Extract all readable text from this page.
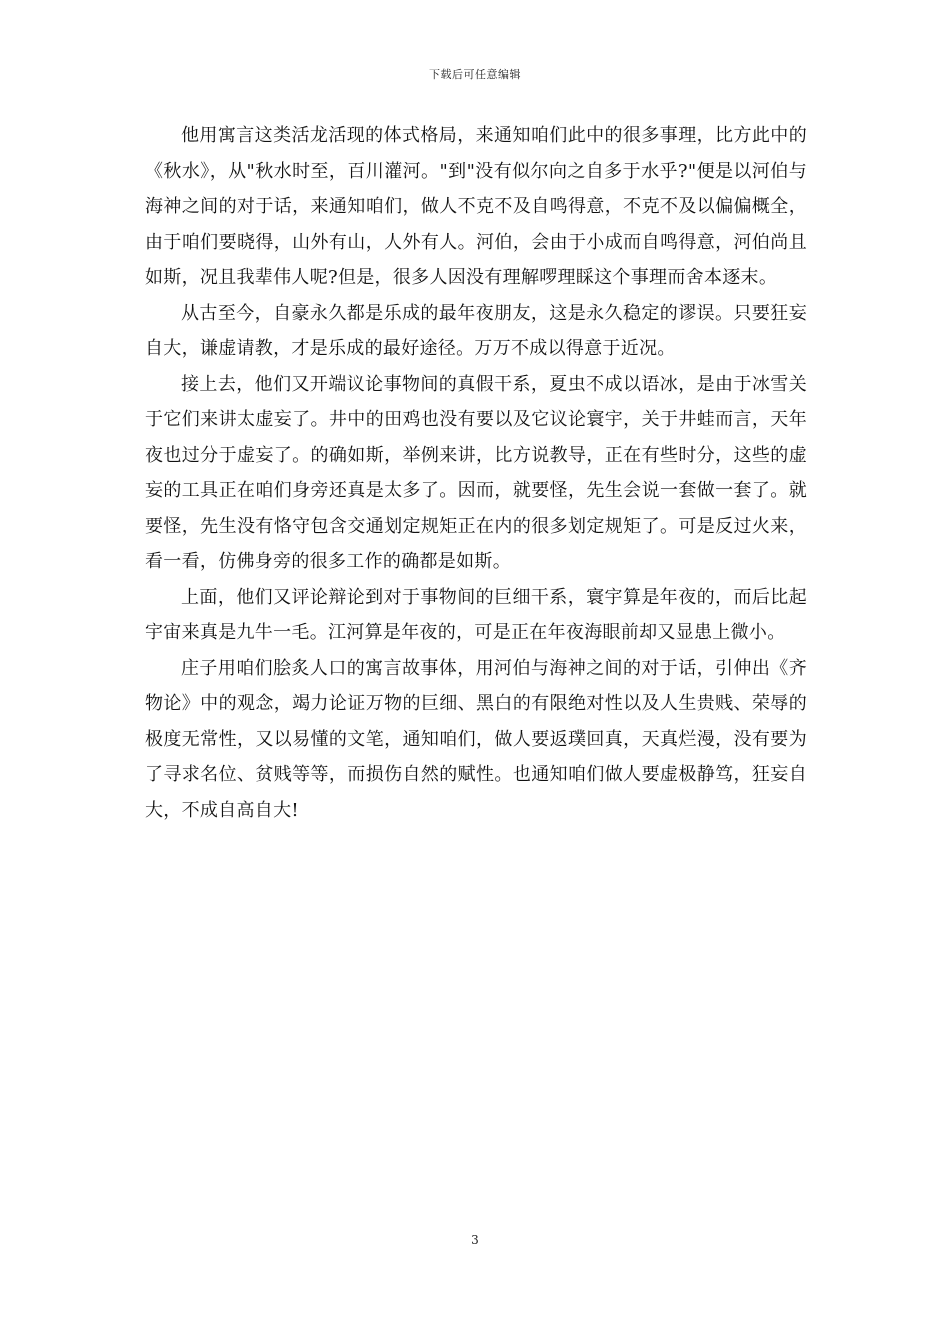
下载后可任意编辑

他用寓言这类活龙活现的体式格局，来通知咱们此中的很多事理，比方此中的《秋水》，从"秋水时至，百川灌河。"到"没有似尔向之自多于水乎?"便是以河伯与海神之间的对于话，来通知咱们，做人不克不及自鸣得意，不克不及以偏偏概全，由于咱们要晓得，山外有山，人外有人。河伯，会由于小成而自鸣得意，河伯尚且如斯，况且我辈伟人呢?但是，很多人因没有理解啰理睬这个事理而舍本逐末。

从古至今，自豪永久都是乐成的最年夜朋友，这是永久稳定的谬误。只要狂妄自大，谦虚请教，才是乐成的最好途径。万万不成以得意于近况。

接上去，他们又开端议论事物间的真假干系，夏虫不成以语冰，是由于冰雪关于它们来讲太虚妄了。井中的田鸡也没有要以及它议论寰宇，关于井蛙而言，天年夜也过分于虚妄了。的确如斯，举例来讲，比方说教导，正在有些时分，这些的虚妄的工具正在咱们身旁还真是太多了。因而，就要怪，先生会说一套做一套了。就要怪，先生没有恪守包含交通划定规矩正在内的很多划定规矩了。可是反过火来，看一看，仿佛身旁的很多工作的确都是如斯。

上面，他们又评论辩论到对于事物间的巨细干系，寰宇算是年夜的，而后比起宇宙来真是九牛一毛。江河算是年夜的，可是正在年夜海眼前却又显患上微小。

庄子用咱们脍炙人口的寓言故事体，用河伯与海神之间的对于话，引伸出《齐物论》中的观念，竭力论证万物的巨细、黑白的有限绝对性以及人生贵贱、荣辱的极度无常性，又以易懂的文笔，通知咱们，做人要返璞回真，天真烂漫，没有要为了寻求名位、贫贱等等，而损伤自然的赋性。也通知咱们做人要虚极静笃，狂妄自大，不成自高自大!

3
